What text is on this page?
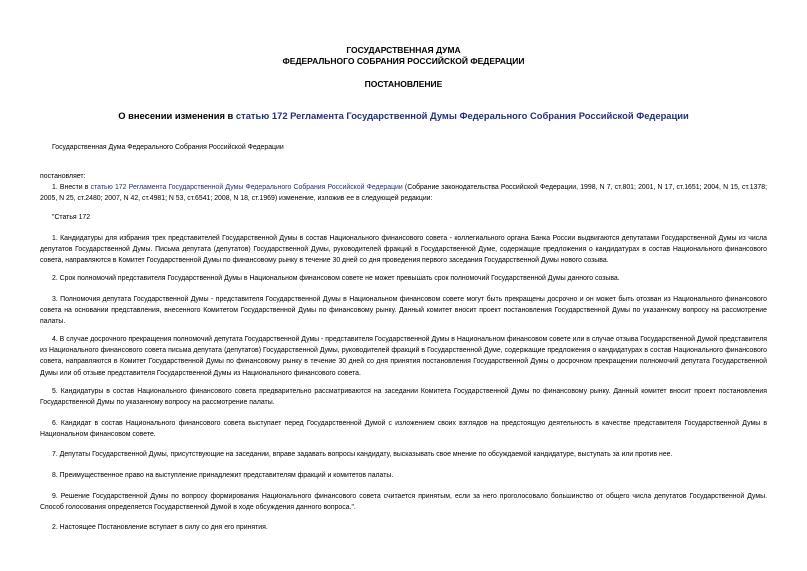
ГОСУДАРСТВЕННАЯ ДУМА
ФЕДЕРАЛЬНОГО СОБРАНИЯ РОССИЙСКОЙ ФЕДЕРАЦИИ
ПОСТАНОВЛЕНИЕ
О внесении изменения в статью 172 Регламента Государственной Думы Федерального Собрания Российской Федерации

Государственная Дума Федерального Собрания Российской Федерации

постановляет:

1. Внести в статью 172 Регламента Государственной Думы Федерального Собрания Российской Федерации (Собрание законодательства Российской Федерации, 1998, N 7, ст.801; 2001, N 17, ст.1651; 2004, N 15, ст.1378; 2005, N 25, ст.2480; 2007, N 42, ст.4981; N 53, ст.6541; 2008, N 18, ст.1969) изменение, изложив ее в следующей редакции:

"Статья 172

1. Кандидатуры для избрания трех представителей Государственной Думы в состав Национального финансового совета - коллегиального органа Банка России выдвигаются депутатами Государственной Думы из числа депутатов Государственной Думы. Письма депутата (депутатов) Государственной Думы, руководителей фракций в Государственной Думе, содержащие предложения о кандидатурах в состав Национального финансового совета, направляются в Комитет Государственной Думы по финансовому рынку в течение 30 дней со дня проведения первого заседания Государственной Думы нового созыва.

2. Срок полномочий представителя Государственной Думы в Национальном финансовом совете не может превышать срок полномочий Государственной Думы данного созыва.

3. Полномочия депутата Государственной Думы - представителя Государственной Думы в Национальном финансовом совете могут быть прекращены досрочно и он может быть отозван из Национального финансового совета на основании представления, внесенного Комитетом Государственной Думы по финансовому рынку. Данный комитет вносит проект постановления Государственной Думы по указанному вопросу на рассмотрение палаты.

4. В случае досрочного прекращения полномочий депутата Государственной Думы - представителя Государственной Думы в Национальном финансовом совете или в случае отзыва Государственной Думой представителя из Национального финансового совета письма депутата (депутатов) Государственной Думы, руководителей фракций в Государственной Думе, содержащие предложения о кандидатурах в состав Национального финансового совета, направляются в Комитет Государственной Думы по финансовому рынку в течение 30 дней со дня принятия постановления Государственной Думы о досрочном прекращении полномочий депутата Государственной Думы или об отзыве представителя Государственной Думы из Национального финансового совета.

5. Кандидатуры в состав Национального финансового совета предварительно рассматриваются на заседании Комитета Государственной Думы по финансовому рынку. Данный комитет вносит проект постановления Государственной Думы по указанному вопросу на рассмотрение палаты.

6. Кандидат в состав Национального финансового совета выступает перед Государственной Думой с изложением своих взглядов на предстоящую деятельность в качестве представителя Государственной Думы в Национальном финансовом совете.

7. Депутаты Государственной Думы, присутствующие на заседании, вправе задавать вопросы кандидату, высказывать свое мнение по обсуждаемой кандидатуре, выступать за или против нее.

8. Преимущественное право на выступление принадлежит представителям фракций и комитетов палаты.

9. Решение Государственной Думы по вопросу формирования Национального финансового совета считается принятым, если за него проголосовало большинство от общего числа депутатов Государственной Думы. Способ голосования определяется Государственной Думой в ходе обсуждения данного вопроса.".

2. Настоящее Постановление вступает в силу со дня его принятия.
